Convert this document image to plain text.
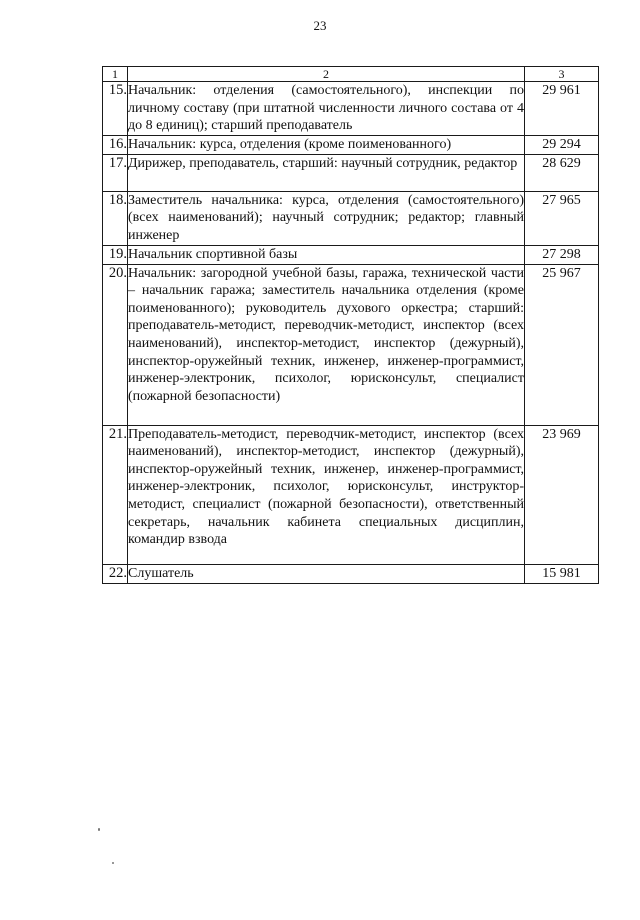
23
1	2	3
15.	Начальник: отделения (самостоятельного), инспекции по личному составу (при штатной численности личного состава от 4 до 8 единиц); старший преподаватель	29 961
16.	Начальник: курса, отделения (кроме поименованного)	29 294
17.	Дирижер, преподаватель, старший: научный сотрудник, редактор	28 629
18.	Заместитель начальника: курса, отделения (самостоятельного) (всех наименований); научный сотрудник; редактор; главный инженер	27 965
19.	Начальник спортивной базы	27 298
20.	Начальник: загородной учебной базы, гаража, технической части – начальник гаража; заместитель начальника отделения (кроме поименованного); руководитель духового оркестра; старший: преподаватель-методист, переводчик-методист, инспектор (всех наименований), инспектор-методист, инспектор (дежурный), инспектор-оружейный техник, инженер, инженер-программист, инженер-электроник, психолог, юрисконсульт, специалист (пожарной безопасности)	25 967
21.	Преподаватель-методист, переводчик-методист, инспектор (всех наименований), инспектор-методист, инспектор (дежурный), инспектор-оружейный техник, инженер, инженер-программист, инженер-электроник, психолог, юрисконсульт, инструктор-методист, специалист (пожарной безопасности), ответственный секретарь, начальник кабинета специальных дисциплин, командир взвода	23 969
22.	Слушатель	15 981
